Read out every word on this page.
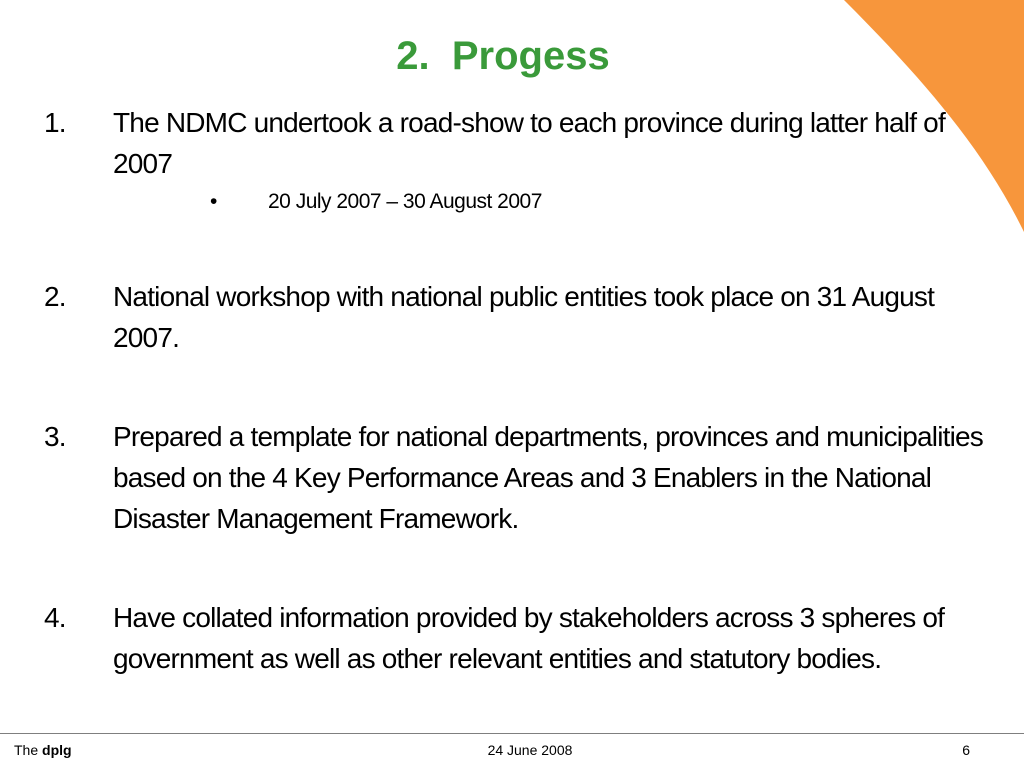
2.  Progess
1. The NDMC undertook a road-show to each province during latter half of 2007
• 20 July 2007 – 30 August 2007
2. National workshop with national public entities took place on 31 August 2007.
3. Prepared a template for national departments, provinces and municipalities based on the 4 Key Performance Areas and 3 Enablers in the National Disaster Management Framework.
4. Have collated information provided by stakeholders across 3 spheres of government as well as other relevant entities and statutory bodies.
The dplg	24 June 2008	6
